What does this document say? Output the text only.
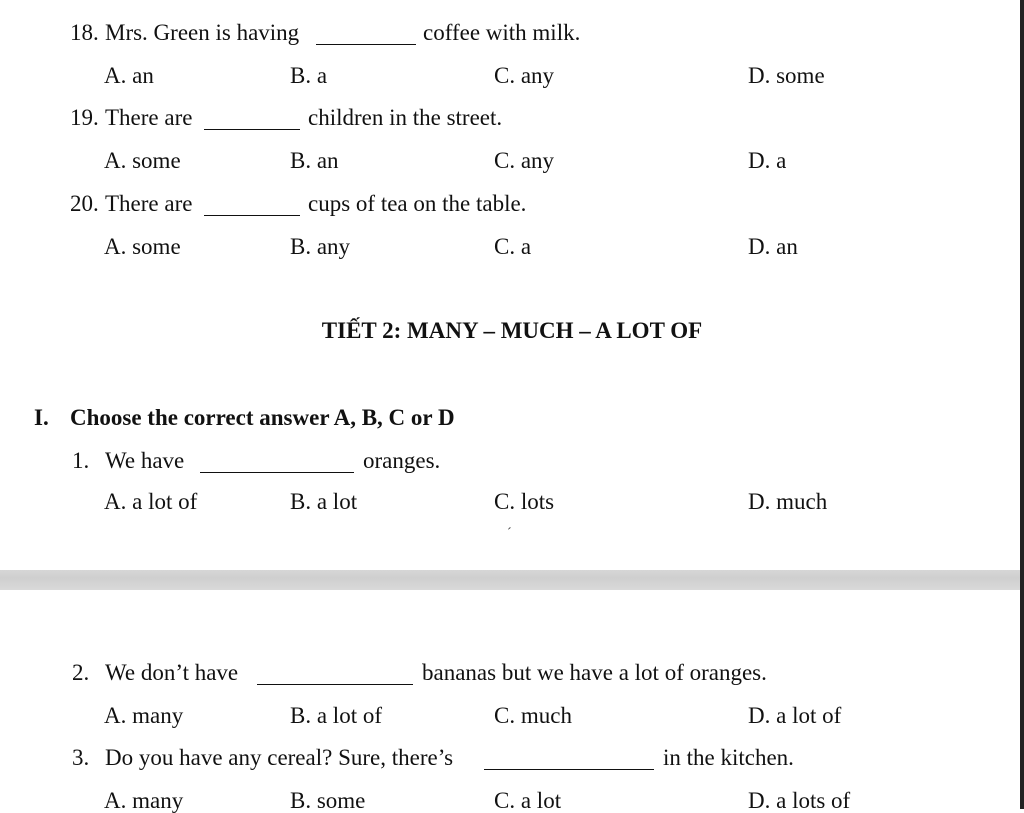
18. Mrs. Green is having	coffee with milk.
A. an	B. a	C. any	D. some
19. There are	children in the street.
A. some	B. an	C. any	D. a
20. There are	cups of tea on the table.
A. some	B. any	C. a	D. an
TIẾT 2: MANY – MUCH – A LOT OF
I. Choose the correct answer A, B, C or D
1. We have	oranges.
A. a lot of	B. a lot	C. lots	D. much
ˊ
2. We don’t have	bananas but we have a lot of oranges.
A. many	B. a lot of	C. much	D. a lot of
3. Do you have any cereal? Sure, there’s	in the kitchen.
A. many	B. some	C. a lot	D. a lots of
